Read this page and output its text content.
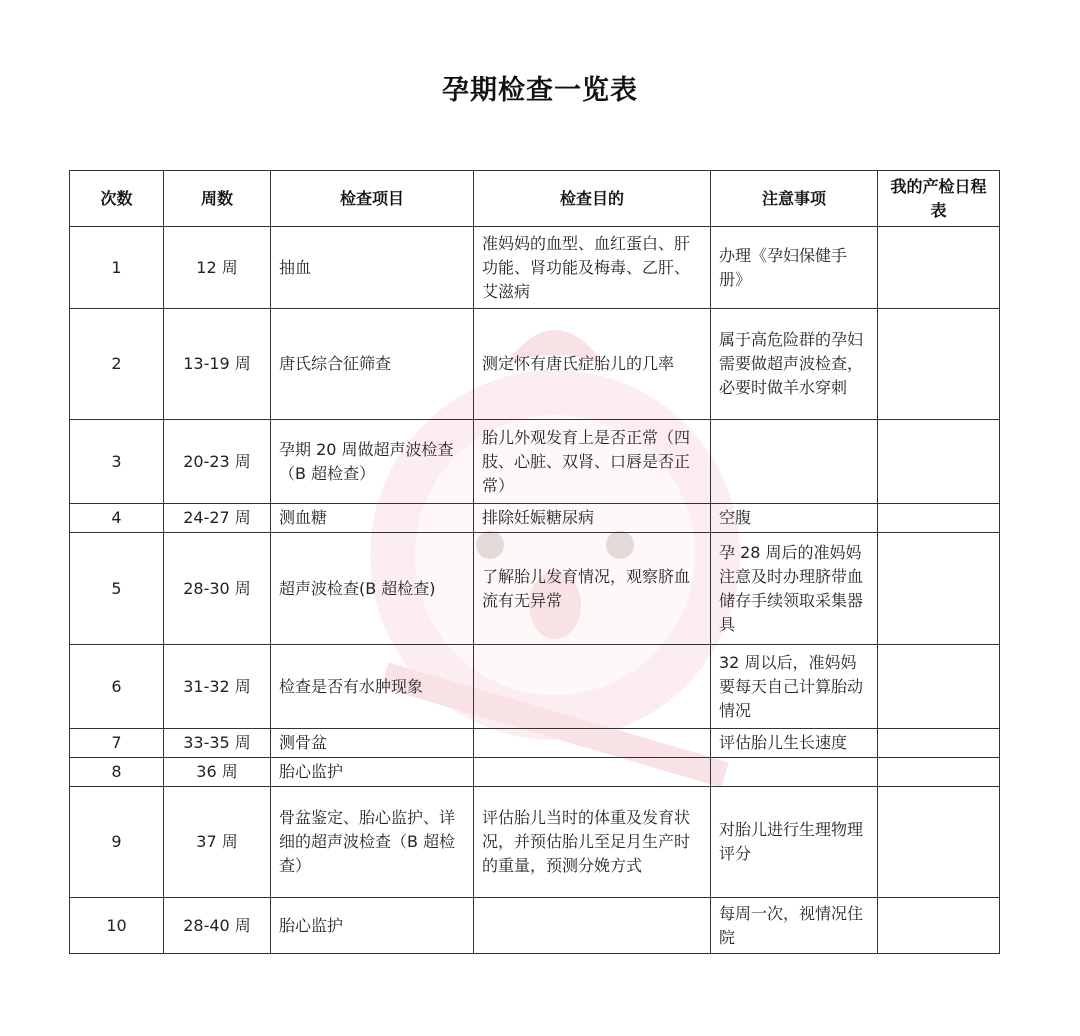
孕期检查一览表
次数	周数	检查项目	检查目的	注意事项	我的产检日程表
1	12 周	抽血	准妈妈的血型、血红蛋白、肝功能、肾功能及梅毒、乙肝、艾滋病	办理《孕妇保健手册》	
2	13-19 周	唐氏综合征筛查	测定怀有唐氏症胎儿的几率	属于高危险群的孕妇需要做超声波检查，必要时做羊水穿刺	
3	20-23 周	孕期 20 周做超声波检查（B 超检查）	胎儿外观发育上是否正常（四肢、心脏、双肾、口唇是否正常）		
4	24-27 周	测血糖	排除妊娠糖尿病	空腹	
5	28-30 周	超声波检查(B 超检查)	了解胎儿发育情况，观察脐血流有无异常	孕 28 周后的准妈妈注意及时办理脐带血储存手续领取采集器具	
6	31-32 周	检查是否有水肿现象		32 周以后，准妈妈要每天自己计算胎动情况	
7	33-35 周	测骨盆		评估胎儿生长速度	
8	36 周	胎心监护			
9	37 周	骨盆鉴定、胎心监护、详细的超声波检查（B 超检查）	评估胎儿当时的体重及发育状况，并预估胎儿至足月生产时的重量，预测分娩方式	对胎儿进行生理物理评分	
10	28-40 周	胎心监护		每周一次，视情况住院	
